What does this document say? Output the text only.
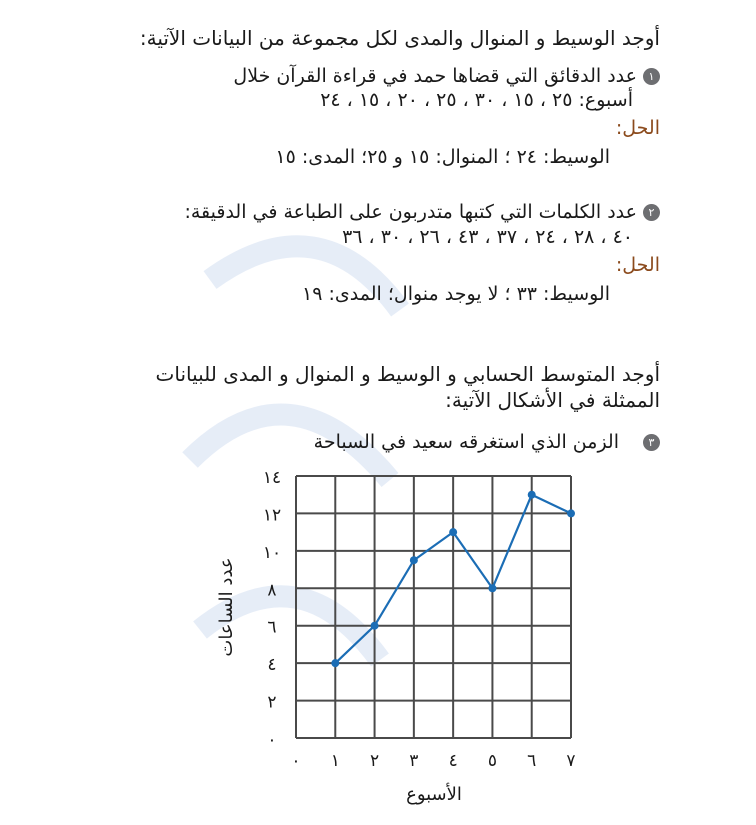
أوجد الوسيط و المنوال والمدى لكل مجموعة من البيانات الآتية:
١عدد الدقائق التي قضاها حمد في قراءة القرآن خلال
أسبوع: ٢٥ ، ١٥ ، ٣٠ ، ٢٥ ، ٢٠ ، ١٥ ، ٢٤
الحل:
الوسيط: ٢٤ ؛ المنوال: ١٥ و ٢٥؛ المدى: ١٥
٢عدد الكلمات التي كتبها متدربون على الطباعة في الدقيقة:
٤٠ ، ٢٨ ، ٢٤ ، ٣٧ ، ٤٣ ، ٢٦ ، ٣٠ ، ٣٦
الحل:
الوسيط: ٣٣ ؛ لا يوجد منوال؛ المدى: ١٩
أوجد المتوسط الحسابي و الوسيط و المنوال و المدى للبيانات
الممثلة في الأشكال الآتية:
٣الزمن الذي استغرقه سعيد في السباحة
٠
٢
٤
٦
٨
١٠
١٢
١٤
٠ ١ ٢ ٣ ٤ ٥ ٦ ٧
الأسبوع
عدد الساعات
